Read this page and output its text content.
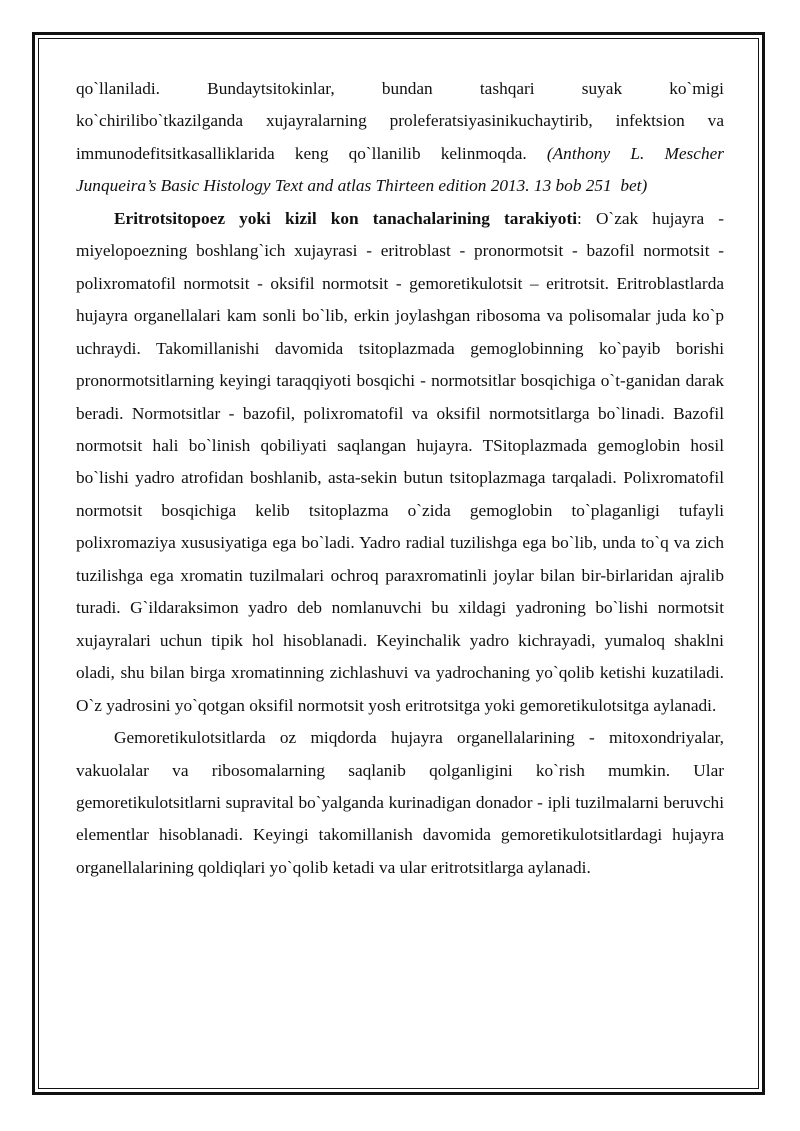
qo`llaniladi.  Bundaytsitokinlar,  bundan  tashqari  suyak  ko`migi
ko`chirilibo`tkazilganda xujayralarning proleferatsiyasinikuchaytirib, infektsion va
immunodefitsitkasalliklarida keng qo`llanilib kelinmoqda. (Anthony L. Mescher
Junqueira’s Basic Histology Text and atlas Thirteen edition 2013. 13 bob 251  bet)

Eritrotsitopoez yoki kizil kon tanachalarining tarakiyoti: O`zak hujayra - miyelopoezning boshlang`ich xujayrasi - eritroblast - pronormotsit - bazofil normotsit - polixromatofil normotsit - oksifil normotsit - gemoretikulotsit – eritrotsit. Eritroblastlarda hujayra organellalari kam sonli bo`lib, erkin joylashgan ribosoma va polisomalar juda ko`p uchraydi. Takomillanishi davomida tsitoplazmada gemoglobinning ko`payib borishi pronormotsitlarning keyingi taraqqiyoti bosqichi - normotsitlar bosqichiga o`t-ganidan darak beradi. Normotsitlar - bazofil, polixromatofil va oksifil normotsitlarga bo`linadi. Bazofil normotsit hali bo`linish qobiliyati saqlangan hujayra. TSitoplazmada gemoglobin hosil bo`lishi yadro atrofidan boshlanib, asta-sekin butun tsitoplazmaga tarqaladi. Polixromatofil normotsit bosqichiga kelib tsitoplazma o`zida gemoglobin to`plaganligi tufayli polixromaziya xususiyatiga ega bo`ladi. Yadro radial tuzilishga ega bo`lib, unda to`q va zich tuzilishga ega xromatin tuzilmalari ochroq paraxromatinli joylar bilan bir-birlaridan ajralib turadi. G`ildaraksimon yadro deb nomlanuvchi bu xildagi yadroning bo`lishi normotsit xujayralari uchun tipik hol hisoblanadi. Keyinchalik yadro kichrayadi, yumaloq shaklni oladi, shu bilan birga xromatinning zichlashuvi va yadrochaning yo`qolib ketishi kuzatiladi. O`z yadrosini yo`qotgan oksifil normotsit yosh eritrotsitga yoki gemoretikulotsitga aylanadi.

Gemoretikulotsitlarda oz miqdorda hujayra organellalarining - mitoxondriyalar, vakuolalar va ribosomalarning saqlanib qolganligini ko`rish mumkin. Ular gemoretikulotsitlarni supravital bo`yalganda kurinadigan donador - ipli tuzilmalarni beruvchi elementlar hisoblanadi. Keyingi takomillanish davomida gemoretikulotsitlardagi hujayra organellalarining qoldiqlari yo`qolib ketadi va ular eritrotsitlarga aylanadi.
